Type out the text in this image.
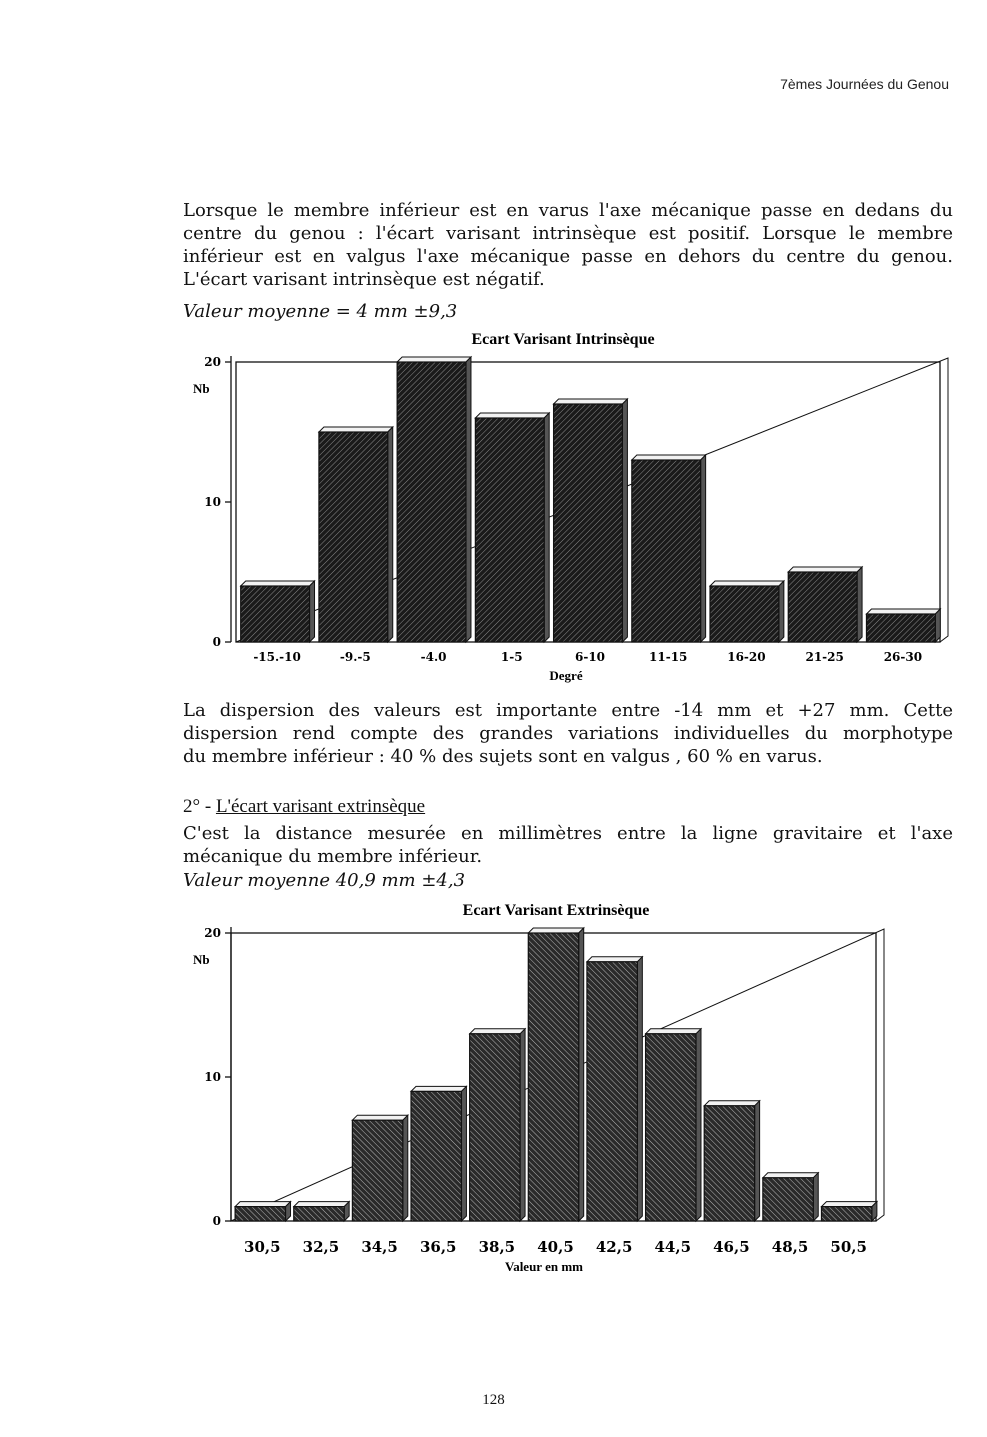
7èmes Journées du Genou

Lorsque le membre inférieur est en varus l'axe mécanique passe en dedans du
centre du genou : l'écart varisant intrinsèque est positif. Lorsque le membre
inférieur est en valgus l'axe mécanique passe en dehors du centre du genou.
L'écart varisant intrinsèque est négatif.

Valeur moyenne = 4 mm ±9,3
Ecart Varisant Intrinsèque
0
10
20
-15.-10	-9.-5	-4.0	1-5	6-10	11-15	16-20	21-25	26-30
Nb
Degré

La dispersion des valeurs est importante entre -14 mm et +27 mm. Cette
dispersion rend compte des grandes variations individuelles du morphotype
du membre inférieur : 40 % des sujets sont en valgus , 60 % en varus.

2° - L'écart varisant extrinsèque

C'est la distance mesurée en millimètres entre la ligne gravitaire et l'axe
mécanique du membre inférieur.

Valeur moyenne 40,9 mm ±4,3
Ecart Varisant Extrinsèque
0
10
20
30,5 32,5 34,5 36,5 38,5 40,5 42,5 44,5 46,5 48,5 50,5
Nb
Valeur en mm
128
